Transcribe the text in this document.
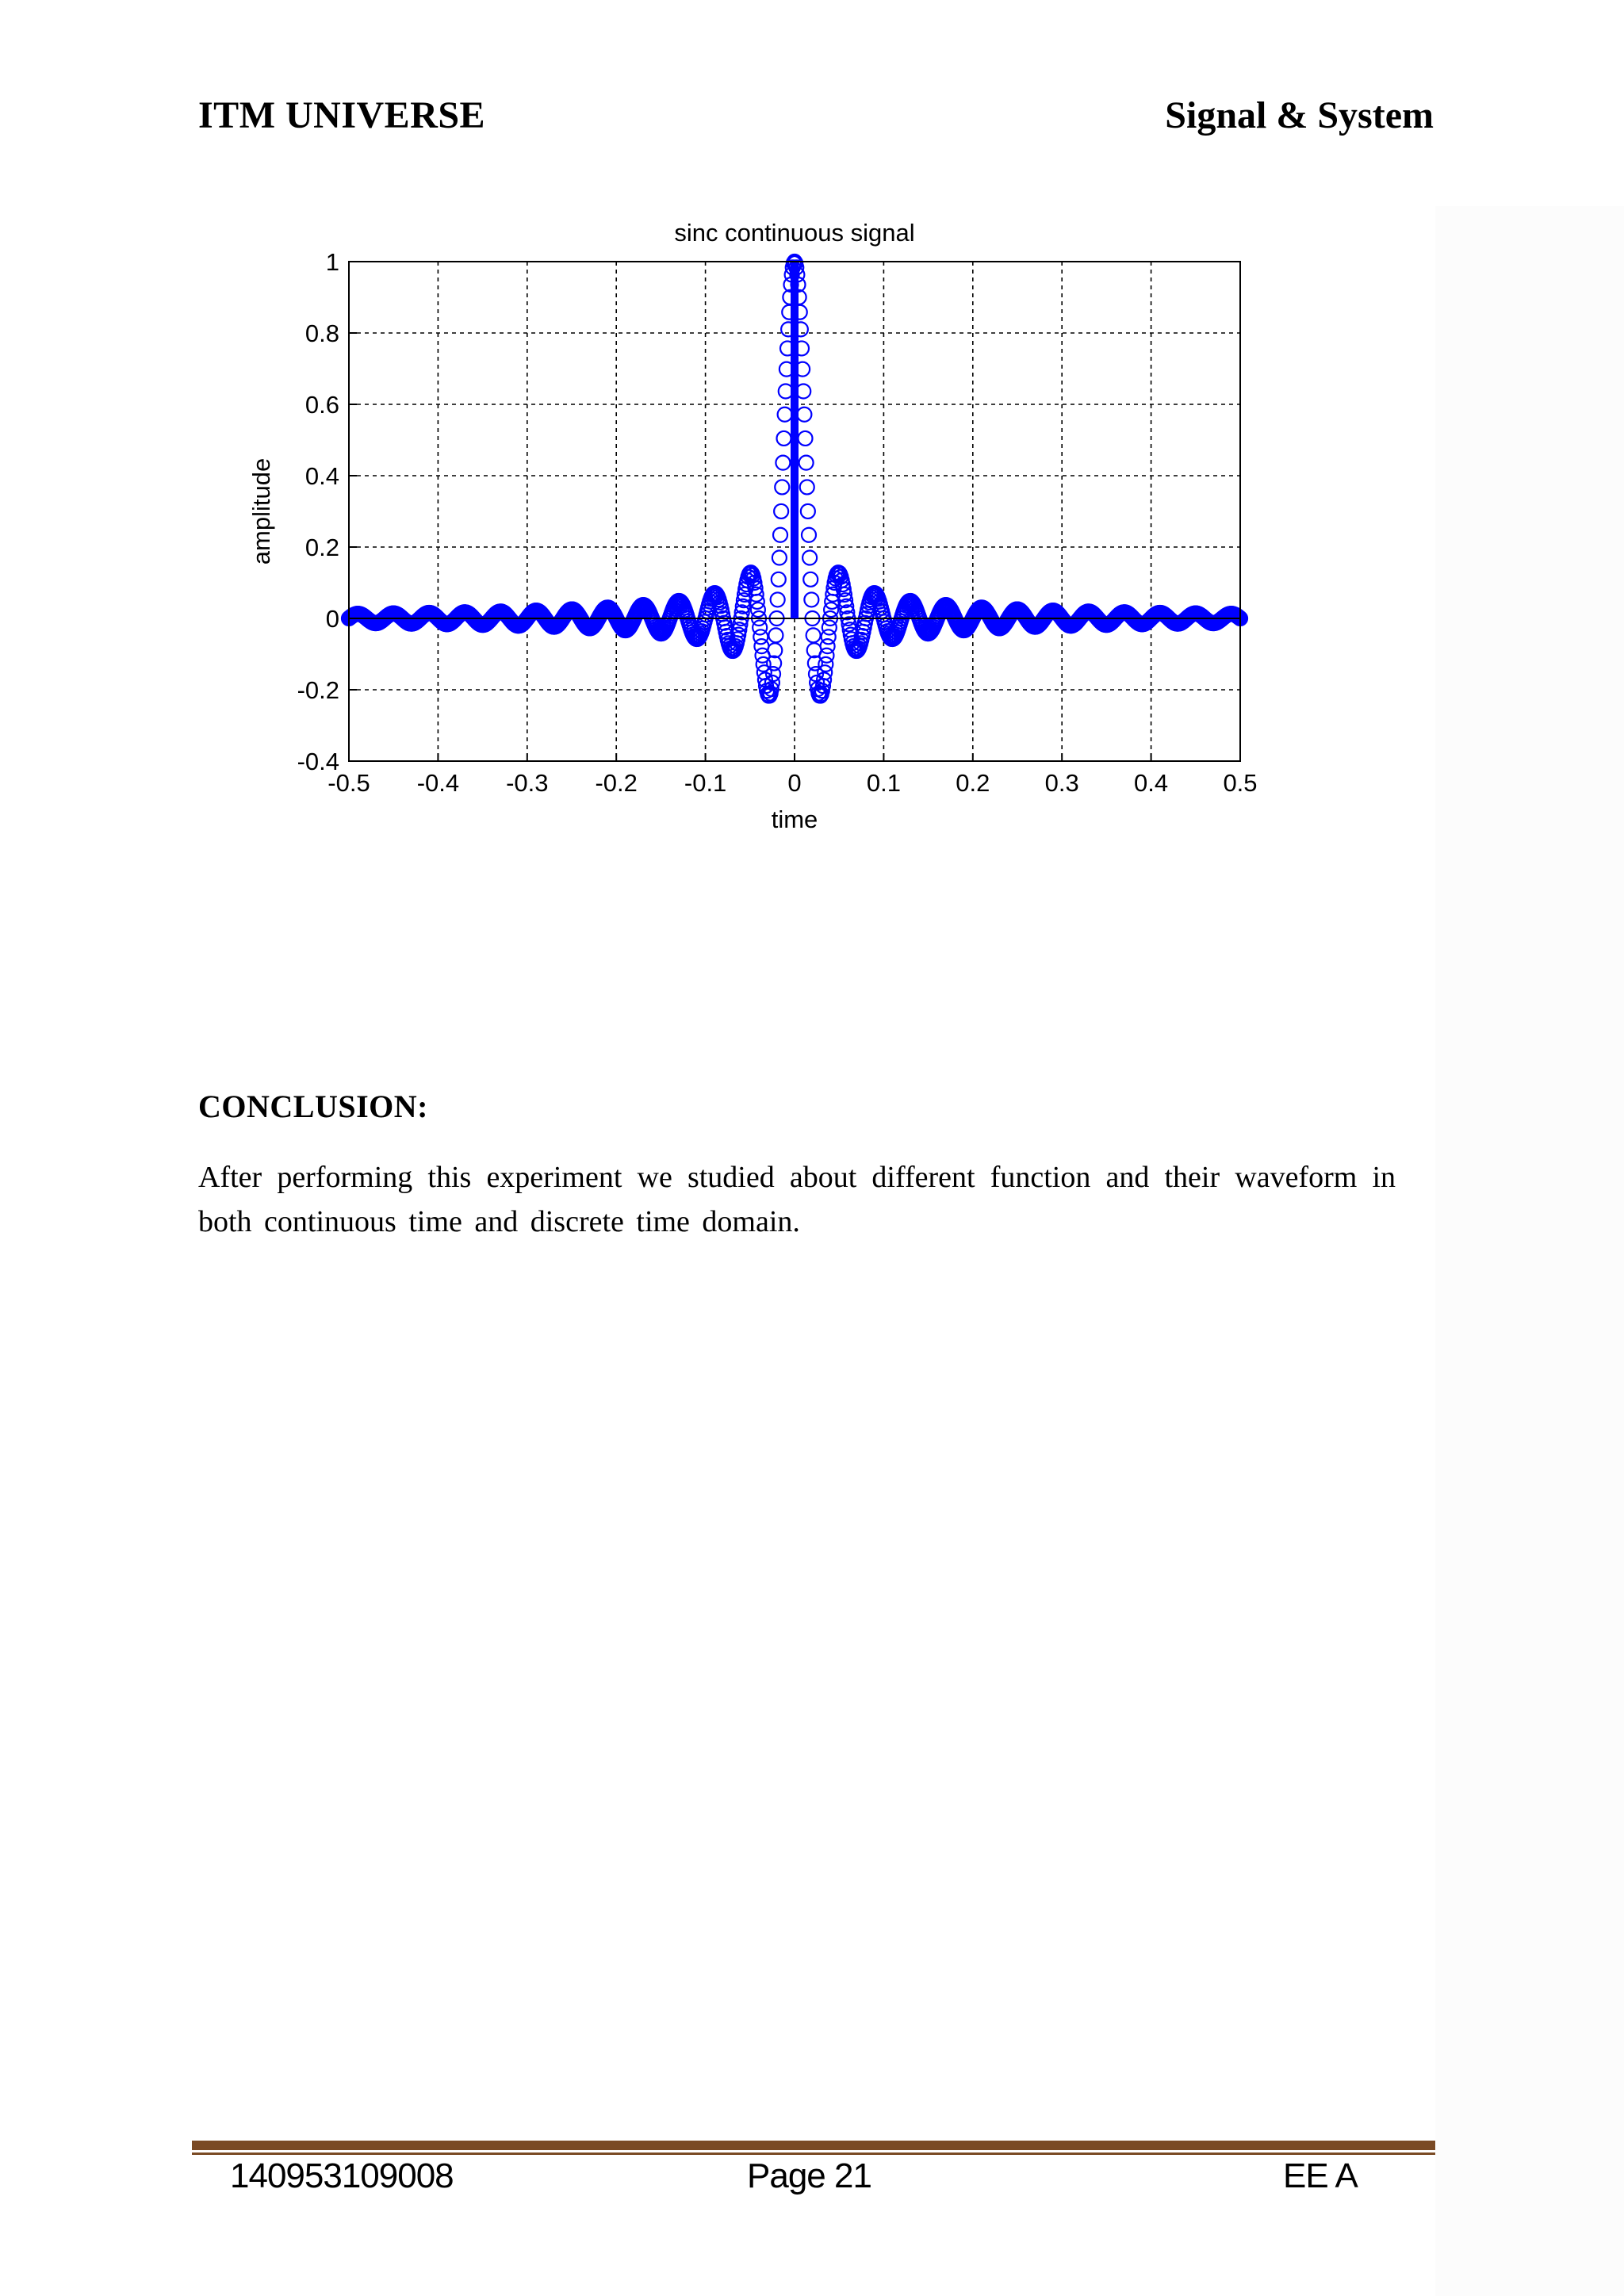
ITM UNIVERSE	Signal & System
-0.5 -0.4 -0.3 -0.2 -0.1 0	0.1 0.2 0.3 0.4 0.5
-0.4
-0.2
0
0.2
0.4
0.6
0.8
1
sinc continuous signal
time
amplitude
CONCLUSION:
After performing this experiment we studied about different function and their waveform in both continuous time and discrete time domain.
140953109008	Page 21	EE A
